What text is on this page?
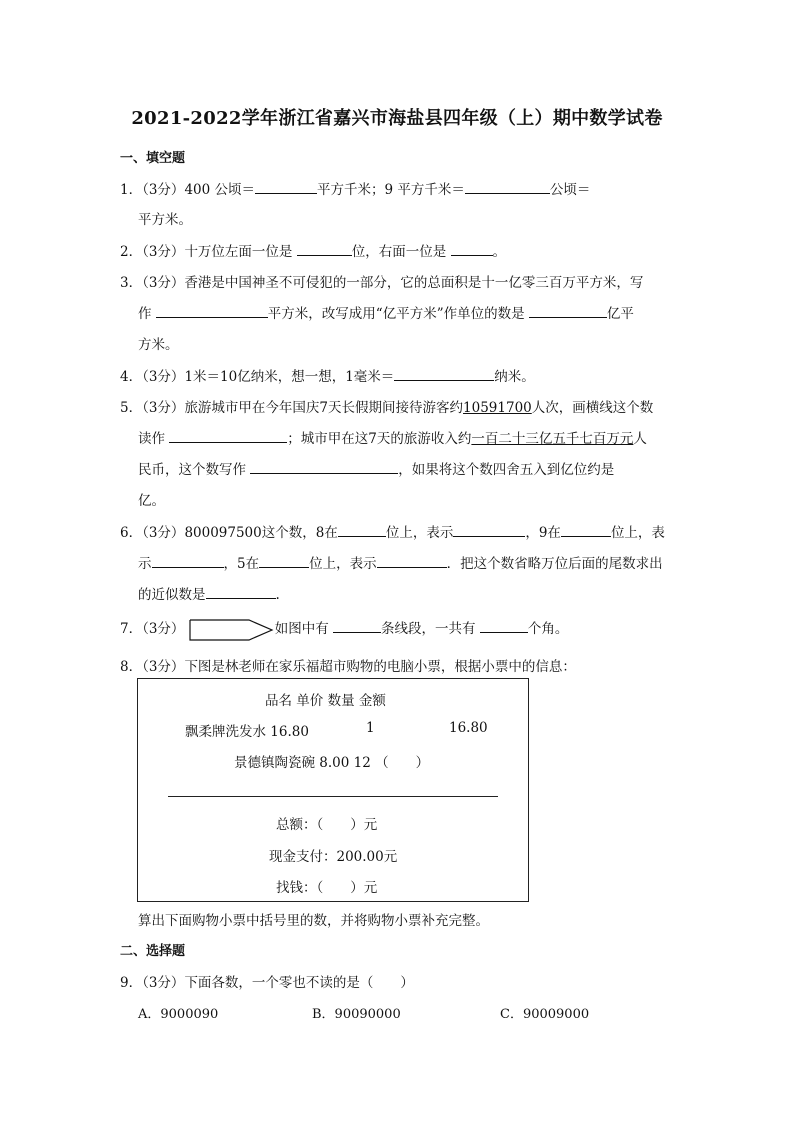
2021-2022学年浙江省嘉兴市海盐县四年级（上）期中数学试卷
一、填空题
1．（3分）400 公顷＝	平方千米；9 平方千米＝	公顷＝
平方米。
2．（3分）十万位左面一位是	位，右面一位是	。
3．（3分）香港是中国神圣不可侵犯的一部分，它的总面积是十一亿零三百万平方米，写
作	平方米，改写成用“亿平方米”作单位的数是	亿平
方米。
4．（3分）1米＝10亿纳米，想一想，1毫米＝	纳米。
5．（3分）旅游城市甲在今年国庆7天长假期间接待游客约10591700人次，画横线这个数
读作	；城市甲在这7天的旅游收入约一百二十三亿五千七百万元人
民币，这个数写作	，如果将这个数四舍五入到亿位约是
亿。
6．（3分）800097500这个数，8在	位上，表示	，9在	位上，表
示	，5在	位上，表示	．把这个数省略万位后面的尾数求出
的近似数是	.
7．（3分）	如图中有	条线段，一共有	个角。
8．（3分）下图是林老师在家乐福超市购物的电脑小票，根据小票中的信息：
品名 单价 数量 金额
飘柔牌洗发水 16.80	1	16.80
景德镇陶瓷碗 8.00 12 （　　）
总额：（　　）元
现金支付：200.00元
找钱：（　　）元
算出下面购物小票中括号里的数，并将购物小票补充完整。
二、选择题
9．（3分）下面各数，一个零也不读的是（　　）
A．9000090	B．90090000	C．90009000
